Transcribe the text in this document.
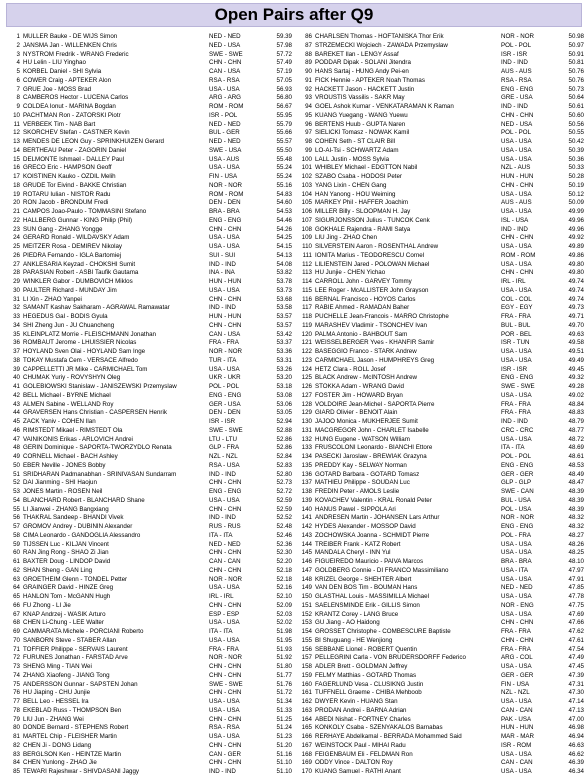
Open Pairs after Q9
1 MULLER Bauke - DE WIJS Simon	NED - NED	59.39
2 JANSMA Jan - WILLENKEN Chris	NED - USA	57.98
3 NYSTROM Fredrik - WRANG Frederic	SWE - SWE	57.72
4 HU Lelin - LIU Yinghao	CHN - CHN	57.49
5 KORBEL Daniel - SHI Sylvia	CAN - USA	57.19
6 COWER Craig - APTEKER Alon	RSA - RSA	57.05
7 GRUE Joe - MOSS Brad	USA - USA	56.93
8 CAMBEROS Hector - LUCENA Carlos	ARG - ARG	56.80
9 COLDEA Ionut - MARINA Bogdan	ROM - ROM	56.67
10 PACHTMAN Ron - ZATORSKI Piotr	ISR - POL	55.95
11 VERBEEK Tim - NAB Bart	NED - NED	55.79
12 SKORCHEV Stefan - CASTNER Kevin	BUL - GER	55.66
13 MENDES DE LEON Guy - SPRINKHUIZEN Gerard	NED - NED	55.57
14 BERTHEAU Peter - ZAGORIN Daniel	SWE - USA	55.50
15 DELMONTE Ishmael - DALLEY Paul	USA - AUS	55.48
16 GRECO Eric - HAMPSON Geoff	USA - USA	55.24
17 KOISTINEN Kauko - OZDIL Melih	FIN - USA	55.24
18 GRUDE Tor Eivind - BAKKE Christian	NOR - NOR	55.16
19 ROTARU Iulian - NISTOR Radu	ROM - ROM	54.83
20 RON Jacob - BRONDUM Fredi	DEN - DEN	54.60
21 CAMPOS Joao-Paulo - TOMMASINI Stefano	BRA - BRA	54.53
22 HALLBERG Gunnar - KING Philip (Phil)	ENG - ENG	54.46
23 SUN Gang - ZHANG Yongge	CHN - CHN	54.26
24 GERARD Ronald - WILDAVSKY Adam	USA - USA	54.25
25 MEITZER Rosa - DEMIREV Nikolay	USA - USA	54.15
26 PIEDRA Fernando - IGLA Bartomiej	SUI - SUI	54.13
27 ANKLESARIA Keyzad - CHOKSHI Sumit	IND - IND	54.08
28 PARASIAN Robert - ASBI Taufik Gautama	INA - INA	53.82
29 WINKLER Gabor - DUMBOVICH Miklos	HUN - HUN	53.78
30 PAULTER Richard - MUNDAY Jim	USA - USA	53.73
31 LI Xin - ZHAO Yanpei	CHN - CHN	53.68
32 SAMANT Kashav Sakharam - AGRAWAL Ramawatar	IND - IND	53.58
33 HEGEDUS Gal - BODIS Gyula	HUN - HUN	53.57
34 SHI Zheng Jun - JU Chuancheng	CHN - CHN	53.57
35 KLEINPLATZ Morrie - FLEISCHMANN Jonathan	CAN - USA	53.42
36 ROMBAUT Jerome - LHUISSIER Nicolas	FRA - FRA	53.37
37 HOYLAND Sven Olai - HOYLAND Sam Inge	NOR - NOR	53.36
38 TOKAY Mustafa Cem - VERSACE Alfredo	TUR - ITA	53.31
39 CAPPELLETTI JR Mike - CARMICHAEL Tom	USA - USA	53.26
40 CHUMAK Yuriy - ROVYSHYN Oleg	UKR - UKR	53.20
41 GOLEBIOWSKI Stanislaw - JANISZEWSKI Przemyslaw	POL - POL	53.18
42 BELL Michael - BYRNE Michael	ENG - ENG	53.08
43 ALMEN Sabine - WELLAND Roy	GER - USA	53.06
44 GRAVERSEN Hans Christian - CASPERSEN Henrik	DEN - DEN	53.05
45 ZACK Yaniv - COHEN Ilan	ISR - ISR	52.94
46 RIMSTEDT Mikael - RIMSTEDT Ola	SWE - SWE	52.88
47 VAINIKONIS Erikas - ARLOVICH Andrei	LTU - LTU	52.86
48 GERIN Dominique - SAPORTA-TWORZYDLO Renata	GLP - FRA	52.86
49 CORNELL Michael - BACH Ashley	NZL - NZL	52.84
50 EBER Neville - JONES Bobby	RSA - USA	52.83
51 SRIDHARAN Padmanabhan - SRINIVASAN Sundarram	IND - IND	52.80
52 DAI Jianming - SHI Haojun	CHN - CHN	52.73
53 JONES Martin - ROSEN Neil	ENG - ENG	52.72
54 BLANCHARD Robert - BLANCHARD Shane	USA - USA	52.59
55 LI Jianwei - ZHANG Bangxiang	CHN - CHN	52.59
56 THAKRAL Sandeep - BHANDI Vivek	IND - IND	52.52
57 GROMOV Andrey - DUBININ Alexander	RUS - RUS	52.48
58 CIMA Leonardo - GANDOGLIA Alessandro	ITA - ITA	52.46
59 TIJSSEN Luc - KILJAN Vincent	NED - NED	52.36
60 RAN Jing Rong - SHAO Zi Jian	CHN - CHN	52.30
61 BAXTER Doug - LINDOP David	CAN - CAN	52.20
62 SHAN Sheng - GAN Ling	CHN - CHN	52.18
63 GROETHEIM Glenn - TONDEL Petter	NOR - NOR	52.18
64 GRAINGER David - HINZE Greg	USA - USA	52.16
65 HANLON Tom - McGANN Hugh	IRL - IRL	52.10
66 FU Zhong - LI Jie	CHN - CHN	52.09
67 KNAP Andrzej - WASIK Arturo	ESP - ESP	52.03
68 CHEN Li-Chung - LEE Walter	USA - USA	52.02
69 CAMMARATA Michele - PORCIANI Roberto	ITA - ITA	51.98
70 SANBORN Steve - STABER Allan	USA - USA	51.95
71 TOFFIER Philippe - SERVAIS Laurent	FRA - FRA	51.93
72 FURUNES Jonathan - FARSTAD Arve	NOR - NOR	51.92
73 SHENG Ming - TIAN Wei	CHN - CHN	51.80
74 ZHANG Xiaofeng - JIANG Tong	CHN - CHN	51.77
75 ANDERSSON Gunnar - SAPSTEN Johan	SWE - SWE	51.76
76 HU Jiaping - CHU Junjie	CHN - CHN	51.72
77 BELL Leo - HESSEL Ira	USA - USA	51.34
78 EKEBLAD Russ - THOMPSON Ben	USA - USA	51.33
79 LIU Jun - ZHANG Wei	CHN - CHN	51.25
80 DONDE Bernard - STEPHENS Robert	RSA - RSA	51.24
81 MARTEL Chip - FLEISHER Martin	USA - USA	51.23
82 CHEN Ji - DONG Lidang	CHN - CHN	51.20
83 BERGLSON Ken - HEINTZE Martin	CAN - GER	51.16
84 CHEN Yunlong - ZHAO Jie	CHN - CHN	51.10
85 TEWARI Rajeshwar - SHIVDASANI Jaggy	IND - IND	51.10
86 CHARLSEN Thomas - HOFTANISKA Thor Erik	NOR - NOR	50.98
87 STRZEMECKI Wojciech - ZAWADA Przemyslaw	POL - POL	50.97
88 BAREKET Ilan - LENGY Assaf	ISR - ISR	50.91
89 PODDAR Dipak - SOLANI Jitendra	IND - IND	50.81
90 HANS Sartaj - HUNG Andy Pei-en	AUS - AUS	50.76
91 FICK Hennie - APTEKER Noah Thomas	RSA - RSA	50.76
92 HACKETT Jason - HACKETT Justin	ENG - ENG	50.73
93 VROUSTIS Vassilis - SAKR May	GRE - USA	50.64
94 GOEL Ashok Kumar - VENKATARAMAN K Raman	IND - IND	50.61
95 KUANG Yuegang - WANG Yuewu	CHN - CHN	50.60
96 BERTENS Huub - GUPTA Naren	NED - USA	50.56
97 SIELICKI Tomasz - NOWAK Kamil	POL - POL	50.55
98 COHEN Seth - ST CLAIR Bill	USA - USA	50.42
99 LO-AI-Tsi - SCHWARTZ Adam	USA - USA	50.39
100 LALL Justin - MOSS Sylvia	USA - USA	50.36
101 WHIBLEY Michael - EDGTTON Nabil	NZL - AUS	50.33
102 SZABO Csaba - HODOSI Peter	HUN - HUN	50.28
103 YANG Lixin - CHEN Gang	CHN - CHN	50.19
104 HAN Yanong - HOU Weiming	USA - USA	50.12
105 MARKEY Phil - HAFFER Joachim	AUS - AUS	50.09
106 MILLER Billy - SLOOPMAN H. Jay	USA - USA	49.99
107 SIGURJONSSON Julius - TUNCOK Cenk	ISL - USA	49.96
108 GOKHALE Rajendra - RAMI Satya	IND - IND	49.96
109 LIU Jing - ZHAO Chen	CHN - CHN	49.92
110 SILVERSTEIN Aaron - ROSENTHAL Andrew	USA - USA	49.89
111 IONITA Marius - TEODORESCU Cornel	ROM - ROM	49.86
112 LILIENSTEIN Jared - POLOWAN Michael	USA - USA	49.80
113 HU Junjie - CHEN Yichao	CHN - CHN	49.80
114 CARROLL John - GARVEY Tommy	IRL - IRL	49.74
115 LEE Roger - McALLISTER John Grayson	USA - USA	49.74
116 BERNAL Francisco - HOYOS Carlos	COL - COL	49.74
117 RABIE Ahmed - RAMADAN Baher	EGY - EGY	49.73
118 PUCHELLE Jean-Francois - MARRO Christophe	FRA - FRA	49.71
119 MARASHEV Vladimir - TSONCHEV Ivan	BUL - BUL	49.70
120 PALMA Antonio - BAHBOUT Sam	POR - BEL	49.63
121 WEISSELBERGER Yves - KHANFIR Samir	ISR - TUN	49.58
122 BASEGGIO Franco - STARK Andrew	USA - USA	49.51
123 CARMICHAEL Jason - HUMPHREYS Greg	USA - USA	49.49
124 HETZ Clara - ROLL Josef	ISR - ISR	49.45
125 BLACK Andrew - McINTOSH Andrew	ENG - ENG	49.32
126 STOKKA Adam - WRANG David	SWE - SWE	49.28
127 FOSTER Jim - HOWARD Bryan	USA - USA	49.02
128 VOLDOIRE Jean-Michel - SAPORTA Pierre	FRA - FRA	48.84
129 GIARD Olivier - BENOIT Alain	FRA - FRA	48.83
130 JAJOO Monica - MUKHERJEE Sumit	IND - IND	48.79
131 MACGREGOR John - CHARLET Isabelle	CRC - CRC	48.77
132 HUNG Eugene - WATSON William	USA - USA	48.72
133 FRUSCOLONI Leonardo - BIANCHI Ettore	ITA - ITA	48.69
134 PASECKI Jaroslaw - BREWIAK Grazyna	POL - POL	48.61
135 PREDDY Kay - SELWAY Norman	ENG - ENG	48.53
136 GOTARD Barbara - GOTARD Tomasz	GER - GER	48.49
137 MATHIEU Philippe - SOUDAN Luc	GLP - GLP	48.47
138 FREDIN Peter - AMOLS Leslie	SWE - CAN	48.39
139 KOVACHEV Valentin - KRAL Ronald Peter	BUL - USA	48.39
140 HANUS Pawel - SIPPOLA Ari	POL - USA	48.39
141 ANDRESEN Martin - JOHANSEN Lars Arthur	NOR - NOR	48.32
142 HYDES Alexander - MOSSOP David	ENG - ENG	48.32
143 ZOCHOWSKA Joanna - SCHMIDT Pierre	POL - FRA	48.27
144 TREIBER Frank - KATZ Robert	USA - USA	48.26
145 MANDALA Cheryl - INN Yul	USA - USA	48.25
146 FIGUEIREDO Mauricio - PAIVA Marcos	BRA - BRA	48.10
147 GOLDBERG Connie - DI FRANCO Massimiliano	USA - ITA	47.97
148 KRIZEL George - SHEHTER Albert	USA - USA	47.91
149 VAN DEN BOS Tim - BOUMAN Hans	NED - NED	47.85
150 GLASTHAL Louis - MASSIMILLA Michael	USA - USA	47.78
151 SAELENSMINDE Erik - GILLIS Simon	NOR - ENG	47.75
152 KRANTZ Corey - LANG Bruce	USA - USA	47.69
153 GU Jiang - AO Haidong	CHN - CHN	47.66
154 GROSSET Christophe - COMBESCURE Baptiste	FRA - FRA	47.62
155 BI Shuguang - HE Wenjiong	CHN - CHN	47.61
156 SEBBANE Lionel - ROBERT Quentin	FRA - FRA	47.54
157 PELLEGRINI Carla - VON BRUDERSDORFF Federico	ARG - COL	47.49
158 ADLER Brett - GOLDMAN Jeffrey	USA - USA	47.45
159 FELMY Matthias - GOTARD Thomas	GER - GER	47.39
160 FAGERLUND Vesa - CLUSIKNG Justin	FIN - USA	47.31
161 TUFFNELL Graeme - CHIBA Mehboob	NZL - NZL	47.30
162 DWYER Kevin - HUANG Stan	USA - USA	47.14
163 PRODAN Andrei - BARNA Adrian	CAN - CAN	47.13
164 ABEDI Nishat - FORTNEY Charles	PAK - USA	47.00
165 KONKOLY Csaba - SZENYAKALOS Barnabas	HUN - HUN	46.98
166 RERHAYE Abdelkamal - BERRADA Mohammed Said	MAR - MAR	46.94
167 WEINSTOCK Paul - MIHAI Radu	ISR - ROM	46.63
168 FEIGENBAUM Eli - FELDMAN Ron	USA - USA	46.62
169 ODDY Vince - DALTON Roy	CAN - CAN	46.39
170 KUANG Samuel - RATHI Anant	USA - USA	46.34
